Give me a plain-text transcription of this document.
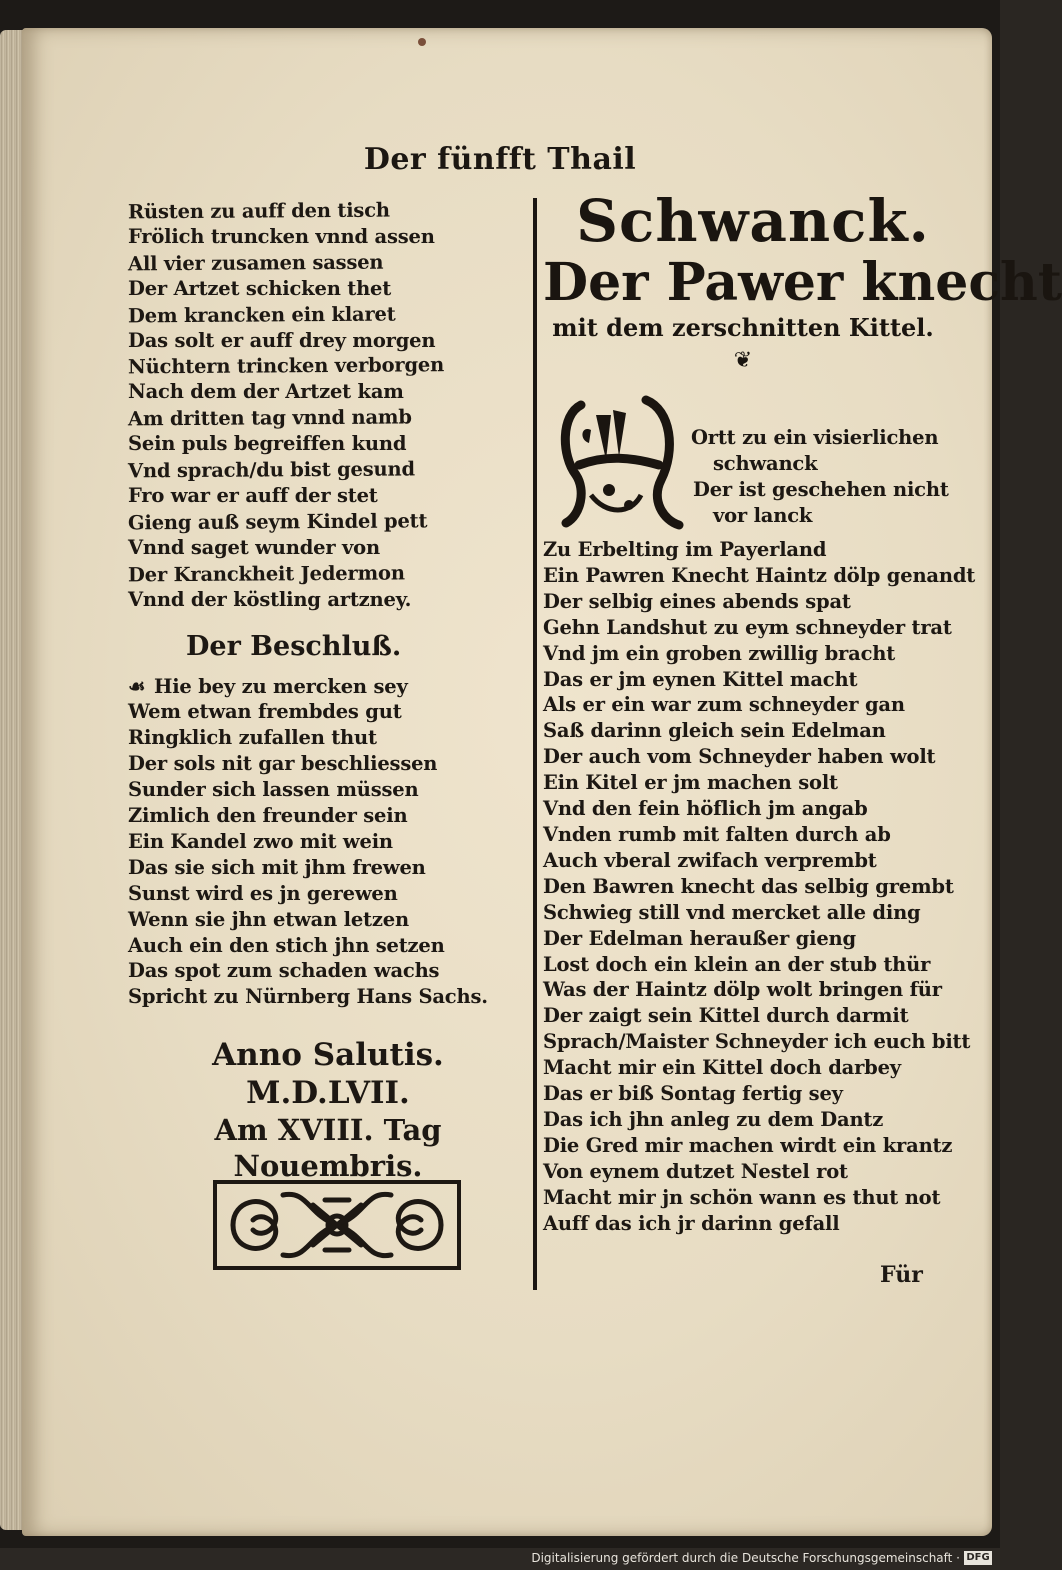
Der fünfft Thail
Rüsten zu auff den tisch
Frölich truncken vnnd assen
All vier zusamen sassen
Der Artzet schicken thet
Dem krancken ein klaret
Das solt er auff drey morgen
Nüchtern trincken verborgen
Nach dem der Artzet kam
Am dritten tag vnnd namb
Sein puls begreiffen kund
Vnd sprach/du bist gesund
Fro war er auff der stet
Gieng auß seym Kindel pett
Vnnd saget wunder von
Der Kranckheit Jedermon
Vnnd der köstling artzney.
Der Beschluß.
☙ Hie bey zu mercken sey
Wem etwan frembdes gut
Ringklich zufallen thut
Der sols nit gar beschliessen
Sunder sich lassen müssen
Zimlich den freunder sein
Ein Kandel zwo mit wein
Das sie sich mit jhm frewen
Sunst wird es jn gerewen
Wenn sie jhn etwan letzen
Auch ein den stich jhn setzen
Das spot zum schaden wachs
Spricht zu Nürnberg Hans Sachs.
Anno Salutis. M.D.LVII.
Am XVIII. Tag
Nouembris.
Schwanck.
Der Pawer knecht
mit dem zerschnitten Kittel.
❦
Ortt zu ein visierlichen
schwanck
Der ist geschehen nicht
vor lanck
Zu Erbelting im Payerland
Ein Pawren Knecht Haintz dölp genandt
Der selbig eines abends spat
Gehn Landshut zu eym schneyder trat
Vnd jm ein groben zwillig bracht
Das er jm eynen Kittel macht
Als er ein war zum schneyder gan
Saß darinn gleich sein Edelman
Der auch vom Schneyder haben wolt
Ein Kitel er jm machen solt
Vnd den fein höflich jm angab
Vnden rumb mit falten durch ab
Auch vberal zwifach verprembt
Den Bawren knecht das selbig grembt
Schwieg still vnd mercket alle ding
Der Edelman heraußer gieng
Lost doch ein klein an der stub thür
Was der Haintz dölp wolt bringen für
Der zaigt sein Kittel durch darmit
Sprach/Maister Schneyder ich euch bitt
Macht mir ein Kittel doch darbey
Das er biß Sontag fertig sey
Das ich jhn anleg zu dem Dantz
Die Gred mir machen wirdt ein krantz
Von eynem dutzet Nestel rot
Macht mir jn schön wann es thut not
Auff das ich jr darinn gefall
Für
Digitalisierung gefördert durch die Deutsche Forschungsgemeinschaft · DFG
